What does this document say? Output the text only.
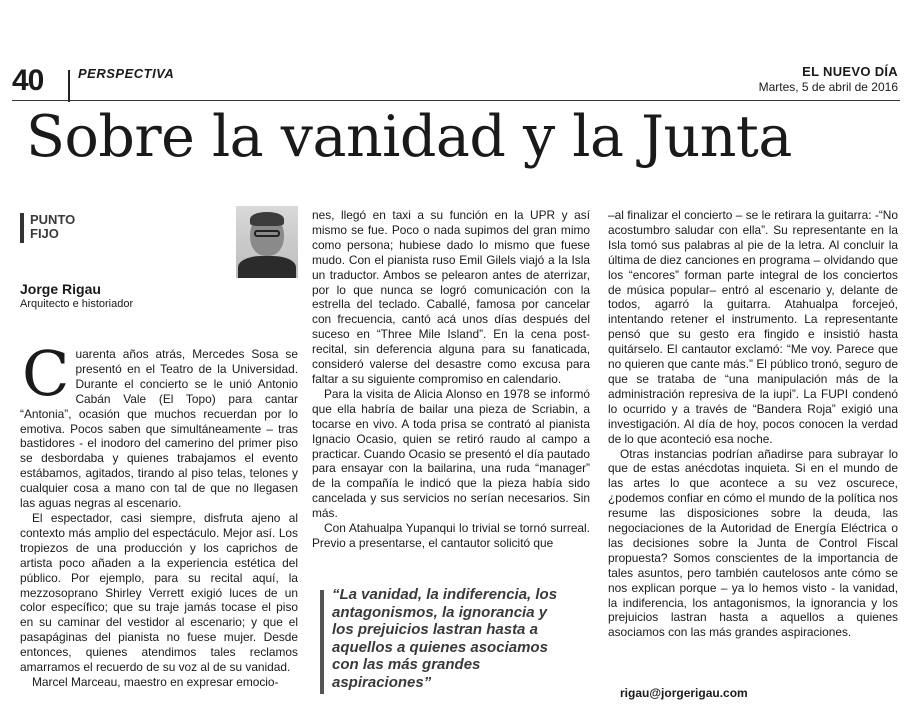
40	PERSPECTIVA	EL NUEVO DÍA
Martes, 5 de abril de 2016
Sobre la vanidad y la Junta
PUNTO
FIJO
Jorge Rigau
Arquitecto e historiador
C uarenta años atrás, Mercedes Sosa se presentó en el Teatro de la Universidad. Durante el concierto se le unió Antonio Cabán Vale (El Topo) para cantar “Antonia”, ocasión que muchos recuerdan por lo emotiva. Pocos saben que simultáneamente – tras bastidores - el inodoro del camerino del primer piso se desbordaba y quienes trabajamos el evento estábamos, agitados, tirando al piso telas, telones y cualquier cosa a mano con tal de que no llegasen las aguas negras al escenario.

El espectador, casi siempre, disfruta ajeno al contexto más amplio del espectáculo. Mejor así. Los tropiezos de una producción y los caprichos de artista poco añaden a la experiencia estética del público. Por ejemplo, para su recital aquí, la mezzosoprano Shirley Verrett exigió luces de un color específico; que su traje jamás tocase el piso en su caminar del vestidor al escenario; y que el pasapáginas del pianista no fuese mujer. Desde entonces, quienes atendimos tales reclamos amarramos el recuerdo de su voz al de su vanidad.

Marcel Marceau, maestro en expresar emocio-

nes, llegó en taxi a su función en la UPR y así mismo se fue. Poco o nada supimos del gran mimo como persona; hubiese dado lo mismo que fuese mudo. Con el pianista ruso Emil Gilels viajó a la Isla un traductor. Ambos se pelearon antes de aterrizar, por lo que nunca se logró comunicación con la estrella del teclado. Caballé, famosa por cancelar con frecuencia, cantó acá unos días después del suceso en “Three Mile Island”. En la cena post-recital, sin deferencia alguna para su fanaticada, consideró valerse del desastre como excusa para faltar a su siguiente compromiso en calendario.

Para la visita de Alicia Alonso en 1978 se informó que ella habría de bailar una pieza de Scriabin, a tocarse en vivo. A toda prisa se contrató al pianista Ignacio Ocasio, quien se retiró raudo al campo a practicar. Cuando Ocasio se presentó el día pautado para ensayar con la bailarina, una ruda “manager” de la compañía le indicó que la pieza había sido cancelada y sus servicios no serían necesarios. Sin más.

Con Atahualpa Yupanqui lo trivial se tornó surreal. Previo a presentarse, el cantautor solicitó que

“La vanidad, la indiferencia, los antagonismos, la ignorancia y los prejuicios lastran hasta a aquellos a quienes asociamos con las más grandes aspiraciones”

–al finalizar el concierto – se le retirara la guitarra: -“No acostumbro saludar con ella”. Su representante en la Isla tomó sus palabras al pie de la letra. Al concluir la última de diez canciones en programa – olvidando que los “encores” forman parte integral de los conciertos de música popular– entró al escenario y, delante de todos, agarró la guitarra. Atahualpa forcejeó, intentando retener el instrumento. La representante pensó que su gesto era fingido e insistió hasta quitárselo. El cantautor exclamó: “Me voy. Parece que no quieren que cante más.” El público tronó, seguro de que se trataba de “una manipulación más de la administración represiva de la iupi”. La FUPI condenó lo ocurrido y a través de “Bandera Roja” exigió una investigación. Al día de hoy, pocos conocen la verdad de lo que aconteció esa noche.

Otras instancias podrían añadirse para subrayar lo que de estas anécdotas inquieta. Si en el mundo de las artes lo que acontece a su vez oscurece, ¿podemos confiar en cómo el mundo de la política nos resume las disposiciones sobre la deuda, las negociaciones de la Autoridad de Energía Eléctrica o las decisiones sobre la Junta de Control Fiscal propuesta? Somos conscientes de la importancia de tales asuntos, pero también cautelosos ante cómo se nos explican porque – ya lo hemos visto - la vanidad, la indiferencia, los antagonismos, la ignorancia y los prejuicios lastran hasta a aquellos a quienes asociamos con las más grandes aspiraciones.

rigau@jorgerigau.com
